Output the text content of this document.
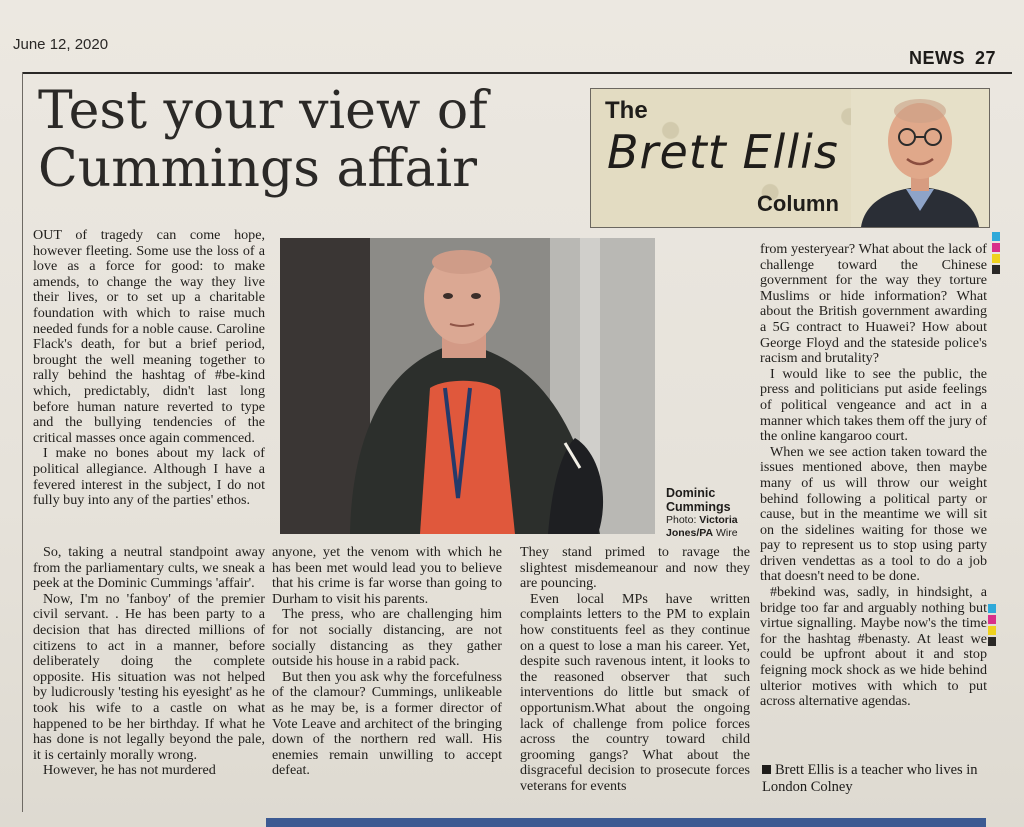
June 12, 2020
NEWS 27
Test your view of
Cummings affair
The
Brett Ellis
Column

OUT of tragedy can come hope, however fleeting. Some use the loss of a love as a force for good: to make amends, to change the way they live their lives, or to set up a charitable foundation with which to raise much needed funds for a noble cause. Caroline Flack's death, for but a brief period, brought the well meaning together to rally behind the hashtag of #be-kind which, predictably, didn't last long before human nature reverted to type and the bullying tendencies of the critical masses once again commenced.

I make no bones about my lack of political allegiance. Although I have a fevered interest in the subject, I do not fully buy into any of the parties' ethos.	Dominic
Cummings
Photo: Victoria Jones/PA Wire

So, taking a neutral standpoint away from the parliamentary cults, we sneak a peek at the Dominic Cummings 'affair'.

Now, I'm no 'fanboy' of the premier civil servant. . He has been party to a decision that has directed millions of citizens to act in a manner, before deliberately doing the complete opposite. His situation was not helped by ludicrously 'testing his eyesight' as he took his wife to a castle on what happened to be her birthday. If what he has done is not legally beyond the pale, it is certainly morally wrong.

However, he has not murdered

anyone, yet the venom with which he has been met would lead you to believe that his crime is far worse than going to Durham to visit his parents.

The press, who are challenging him for not socially distancing, are not socially distancing as they gather outside his house in a rabid pack.

But then you ask why the forcefulness of the clamour? Cummings, unlikeable as he may be, is a former director of Vote Leave and architect of the bringing down of the northern red wall. His enemies remain unwilling to accept defeat.

They stand primed to ravage the slightest misdemeanour and now they are pouncing.

Even local MPs have written complaints letters to the PM to explain how constituents feel as they continue on a quest to lose a man his career. Yet, despite such ravenous intent, it looks to the reasoned observer that such interventions do little but smack of opportunism.What about the ongoing lack of challenge from police forces across the country toward child grooming gangs? What about the disgraceful decision to prosecute forces veterans for events

from yesteryear? What about the lack of challenge toward the Chinese government for the way they torture Muslims or hide information? What about the British government awarding a 5G contract to Huawei? How about George Floyd and the stateside police's racism and brutality?

I would like to see the public, the press and politicians put aside feelings of political vengeance and act in a manner which takes them off the jury of the online kangaroo court.

When we see action taken toward the issues mentioned above, then maybe many of us will throw our weight behind following a political party or cause, but in the meantime we will sit on the sidelines waiting for those we pay to represent us to stop using party driven vendettas as a tool to do a job that doesn't need to be done.

#bekind was, sadly, in hindsight, a bridge too far and arguably nothing but virtue signalling. Maybe now's the time for the hashtag #benasty. At least we could be upfront about it and stop feigning mock shock as we hide behind ulterior motives with which to put across alternative agendas.

Brett Ellis is a teacher who lives in London Colney
